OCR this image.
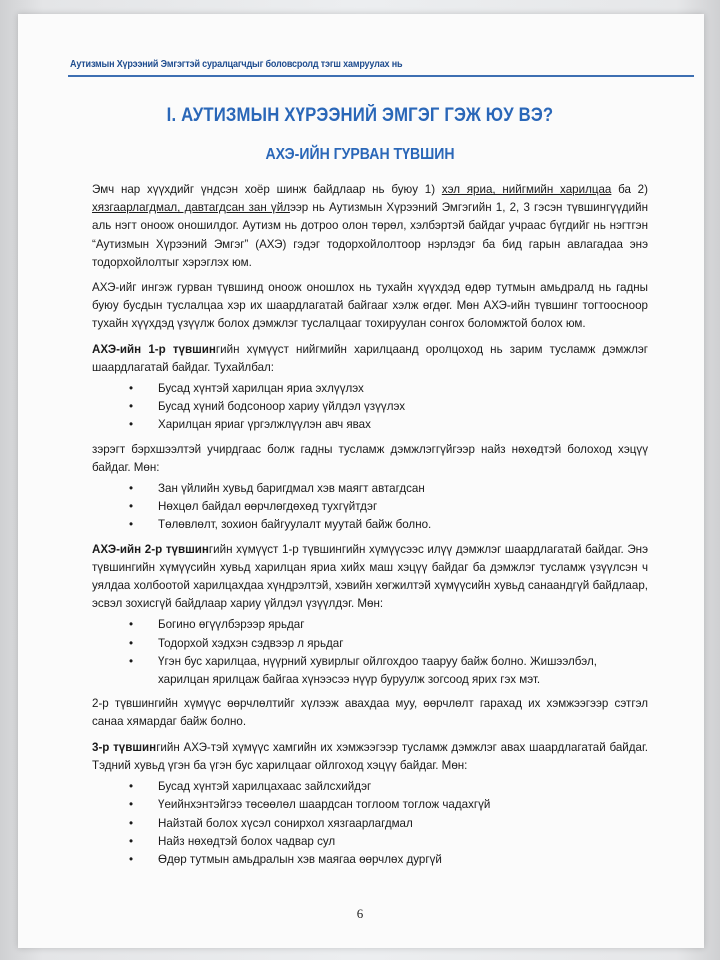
Аутизмын Хүрээний Эмгэгтэй суралцагчдыг боловсролд тэгш хамруулах нь
I. АУТИЗМЫН ХҮРЭЭНИЙ ЭМГЭГ ГЭЖ ЮУ ВЭ?
АХЭ-ИЙН ГУРВАН ТҮВШИН

Эмч нар хүүхдийг үндсэн хоёр шинж байдлаар нь буюу 1) хэл яриа, нийгмийн харилцаа ба 2) хязгаарлагдмал, давтагдсан зан үйлээр нь Аутизмын Хүрээний Эмгэгийн 1, 2, 3 гэсэн түвшингүүдийн аль нэгт оноож оношилдог. Аутизм нь дотроо олон төрөл, хэлбэртэй байдаг учраас бүгдийг нь нэгтгэн “Аутизмын Хүрээний Эмгэг” (АХЭ) гэдэг тодорхойлолтоор нэрлэдэг ба бид гарын авлагадаа энэ тодорхойлолтыг хэрэглэх юм.

АХЭ-ийг ингэж гурван түвшинд оноож оношлох нь тухайн хүүхдэд өдөр тутмын амьдралд нь гадны буюу бусдын туслалцаа хэр их шаардлагатай байгааг хэлж өгдөг. Мөн АХЭ-ийн түвшинг тогтоосноор тухайн хүүхдэд үзүүлж болох дэмжлэг туслалцааг тохируулан сонгох боломжтой болох юм.

АХЭ-ийн 1-р түвшингийн хүмүүст нийгмийн харилцаанд оролцоход нь зарим тусламж дэмжлэг шаардлагатай байдаг. Тухайлбал:

• Бусад хүнтэй харилцан яриа эхлүүлэх
• Бусад хүний бодсоноор хариу үйлдэл үзүүлэх
• Харилцан яриаг үргэлжлүүлэн авч явах

зэрэгт бэрхшээлтэй учирдгаас болж гадны тусламж дэмжлэггүйгээр найз нөхөдтэй болоход хэцүү байдаг. Мөн:

• Зан үйлийн хувьд баригдмал хэв маягт автагдсан
• Нөхцөл байдал өөрчлөгдөхөд тухгүйтдэг
• Төлөвлөлт, зохион байгуулалт муутай байж болно.

АХЭ-ийн 2-р түвшингийн хүмүүст 1-р түвшингийн хүмүүсээс илүү дэмжлэг шаардлагатай байдаг. Энэ түвшингийн хүмүүсийн хувьд харилцан яриа хийх маш хэцүү байдаг ба дэмжлэг тусламж үзүүлсэн ч уялдаа холбоотой харилцахдаа хүндрэлтэй, хэвийн хөгжилтэй хүмүүсийн хувьд санаандгүй байдлаар, эсвэл зохисгүй байдлаар хариу үйлдэл үзүүлдэг. Мөн:

• Богино өгүүлбэрээр ярьдаг
• Тодорхой хэдхэн сэдвээр л ярьдаг
• Үгэн бус харилцаа, нүүрний хувирлыг ойлгохдоо тааруу байж болно. Жишээлбэл, харилцан ярилцаж байгаа хүнээсээ нүүр буруулж зогсоод ярих гэх мэт.

2-р түвшингийн хүмүүс өөрчлөлтийг хүлээж авахдаа муу, өөрчлөлт гарахад их хэмжээгээр сэтгэл санаа хямардаг байж болно.

3-р түвшингийн АХЭ-тэй хүмүүс хамгийн их хэмжээгээр тусламж дэмжлэг авах шаардлагатай байдаг. Тэдний хувьд үгэн ба үгэн бус харилцааг ойлгоход хэцүү байдаг. Мөн:

• Бусад хүнтэй харилцахаас зайлсхийдэг
• Үеийнхэнтэйгээ төсөөлөл шаардсан тоглоом тоглож чадахгүй
• Найзтай болох хүсэл сонирхол хязгаарлагдмал
• Найз нөхөдтэй болох чадвар сул
• Өдөр тутмын амьдралын хэв маягаа өөрчлөх дургүй
6
